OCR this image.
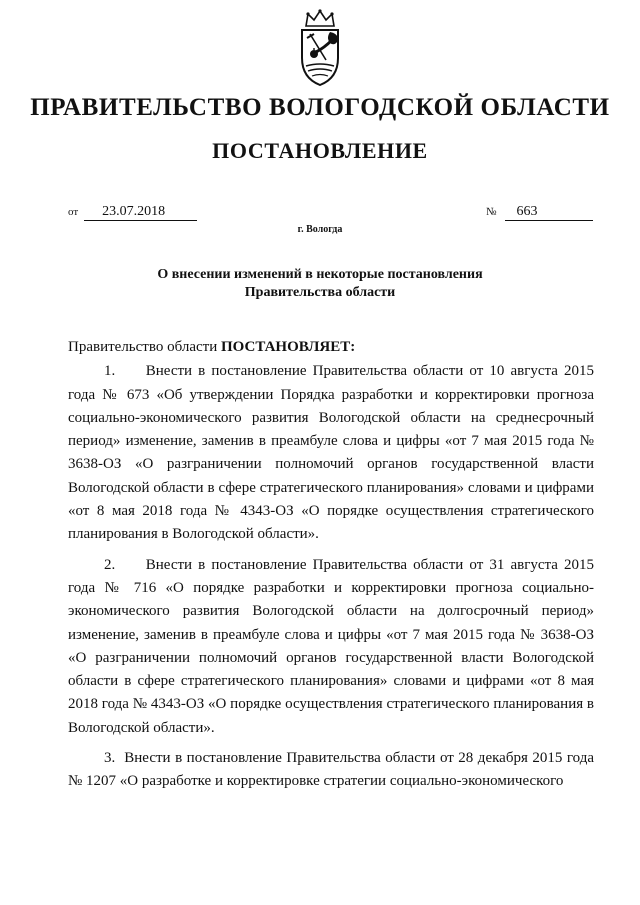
ПРАВИТЕЛЬСТВО ВОЛОГОДСКОЙ ОБЛАСТИ
ПОСТАНОВЛЕНИЕ
от 23.07.2018	№ 663
г. Вологда
О внесении изменений в некоторые постановления
Правительства области

Правительство области ПОСТАНОВЛЯЕТ:

1. Внести в постановление Правительства области от 10 августа 2015 года № 673 «Об утверждении Порядка разработки и корректировки прогноза социально-экономического развития Вологодской области на среднесрочный период» изменение, заменив в преамбуле слова и цифры «от 7 мая 2015 года № 3638-ОЗ «О разграничении полномочий органов государственной власти Вологодской области в сфере стратегического планирования» словами и цифрами «от 8 мая 2018 года № 4343-ОЗ «О порядке осуществления стратегического планирования в Вологодской области».

2. Внести в постановление Правительства области от 31 августа 2015 года № 716 «О порядке разработки и корректировки прогноза социально-экономического развития Вологодской области на долгосрочный период» изменение, заменив в преамбуле слова и цифры «от 7 мая 2015 года № 3638-ОЗ «О разграничении полномочий органов государственной власти Вологодской области в сфере стратегического планирования» словами и цифрами «от 8 мая 2018 года № 4343-ОЗ «О порядке осуществления стратегического планирования в Вологодской области».

3. Внести в постановление Правительства области от 28 декабря 2015 года № 1207 «О разработке и корректировке стратегии социально-экономического
